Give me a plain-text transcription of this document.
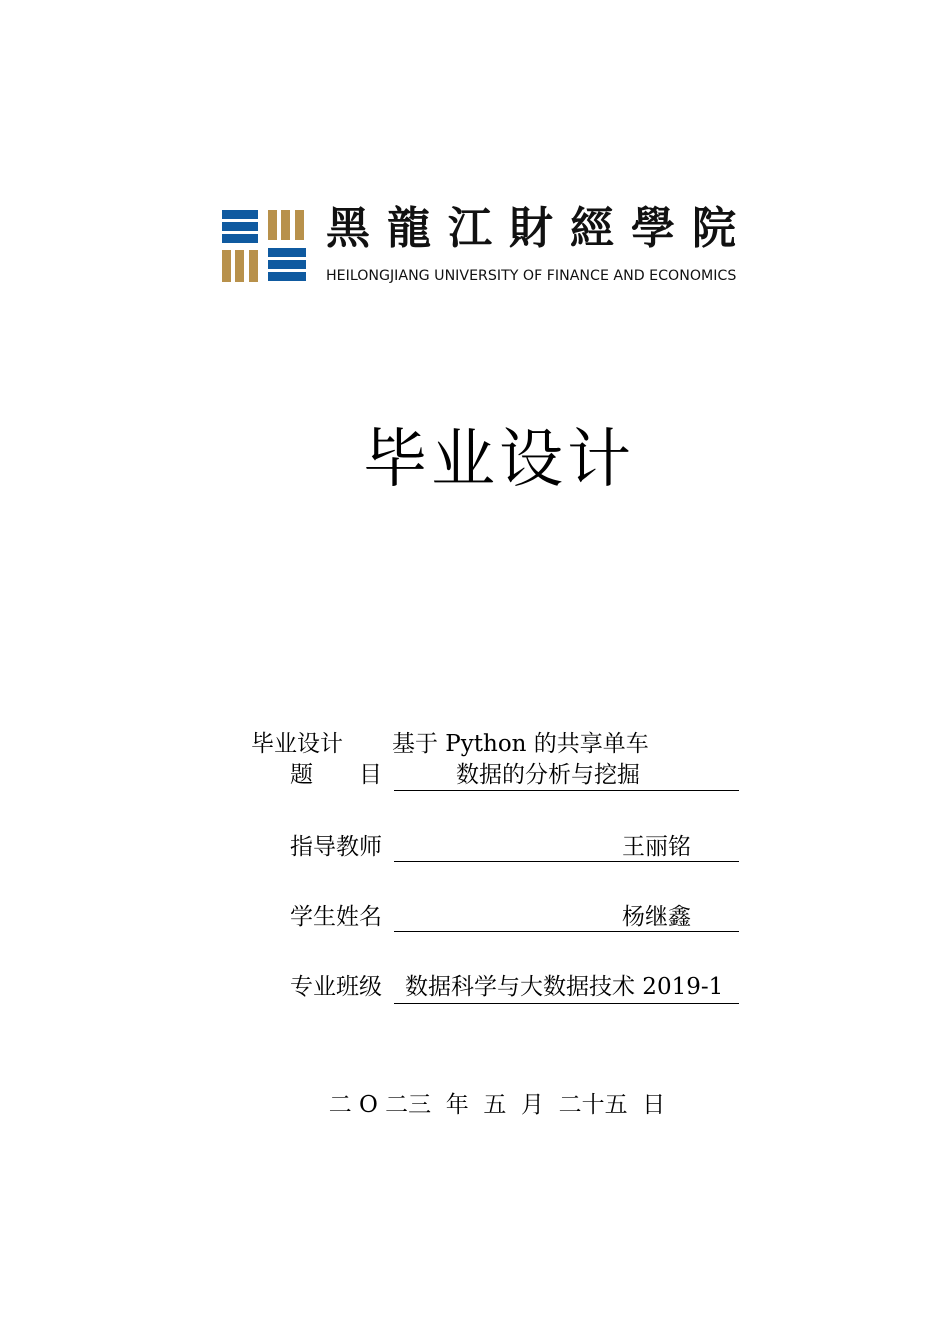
黑龍江財經學院
HEILONGJIANG UNIVERSITY OF FINANCE AND ECONOMICS
毕业设计
毕业设计
题　　目
基于 Python 的共享单车
数据的分析与挖掘
指导教师	王丽铭
学生姓名	杨继鑫
专业班级 数据科学与大数据技术 2019-1
二 O 二三  年  五  月  二十五  日
